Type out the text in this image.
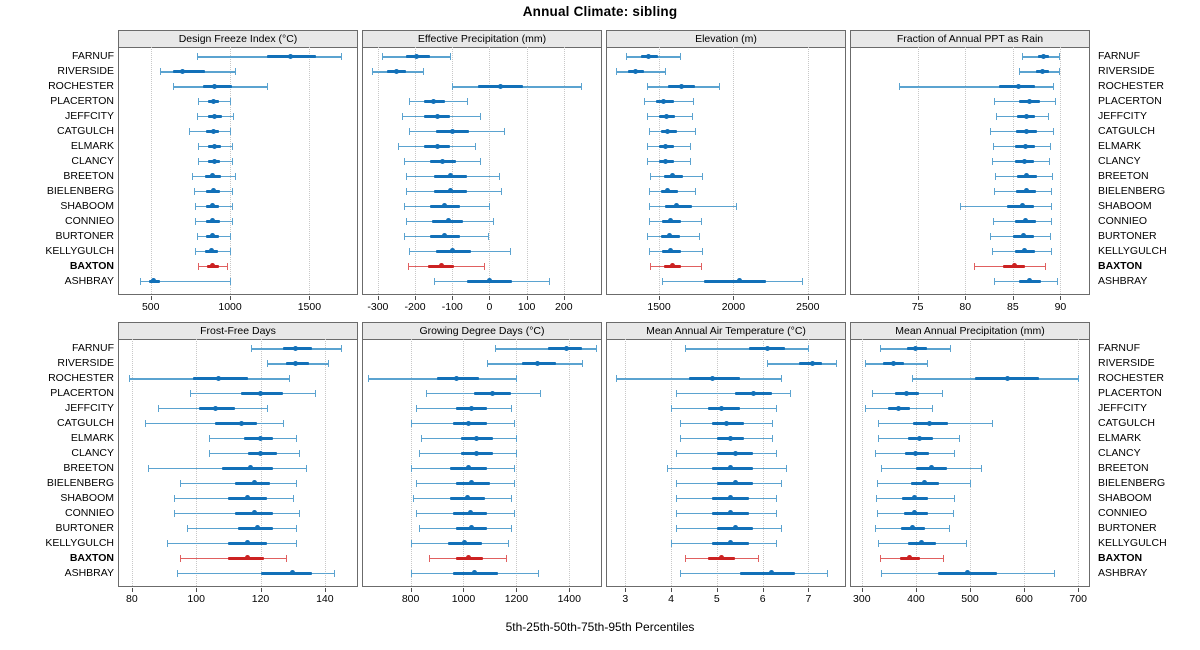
Annual Climate: sibling
Design Freeze Index (°C)	Effective Precipitation (mm)	Elevation (m)	Fraction of Annual PPT as Rain
Frost-Free Days	Growing Degree Days (°C)	Mean Annual Air Temperature (°C)	Mean Annual Precipitation (mm)
5th-25th-50th-75th-95th Percentiles
FARNUF
RIVERSIDE
ROCHESTER
PLACERTON
JEFFCITY
CATGULCH
ELMARK
CLANCY
BREETON
BIELENBERG
SHABOOM
CONNIEO
BURTONER
KELLYGULCH
BAXTON
ASHBRAY
FARNUF
RIVERSIDE
ROCHESTER
PLACERTON
JEFFCITY
CATGULCH
ELMARK
CLANCY
BREETON
BIELENBERG
SHABOOM
CONNIEO
BURTONER
KELLYGULCH
BAXTON
ASHBRAY
FARNUF
RIVERSIDE
ROCHESTER
PLACERTON
JEFFCITY
CATGULCH
ELMARK
CLANCY
BREETON
BIELENBERG
SHABOOM
CONNIEO
BURTONER
KELLYGULCH
BAXTON
ASHBRAY
FARNUF
RIVERSIDE
ROCHESTER
PLACERTON
JEFFCITY
CATGULCH
ELMARK
CLANCY
BREETON
BIELENBERG
SHABOOM
CONNIEO
BURTONER
KELLYGULCH
BAXTON
ASHBRAY
500	1000	1500	-300 -200 -100 0 100 200	1500	2000	2500	75	80	85	90
80	100	120	140	800	1000	1200	1400	3	4	5	6	7	300	400	500	600	700
